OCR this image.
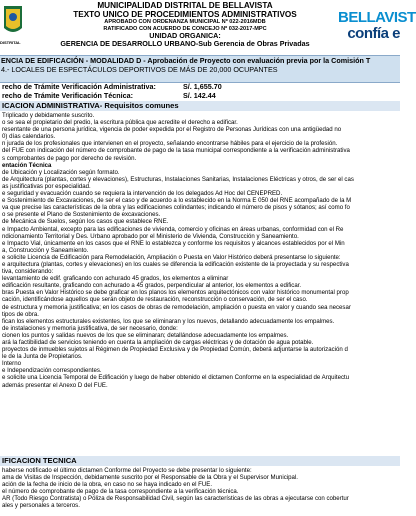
DISTRITAL
MUNICIPALIDAD DISTRITAL DE BELLAVISTA
TEXTO UNICO DE PROCEDIMIENTOS ADMINISTRATIVOS
APROBADO CON ORDENANZA MUNICIPAL Nº 022-2016MDB
RATIFICADO CON ACUERDO DE CONCEJO Nº 032-2017-MPC
UNIDAD ORGANICA:
GERENCIA DE DESARROLLO URBANO-Sub Gerencia de Obras Privadas
BELLAVIST
confía e
ENCIA DE EDIFICACIÓN - MODALIDAD D - Aprobación de Proyecto con evaluación previa por la Comisión T
4.- LOCALES DE ESPECTÁCULOS DEPORTIVOS DE MÁS DE 20,000 OCUPANTES
recho de Trámite Verificación Administrativa:	S/. 1,655.70
recho de Trámite Verificación Técnica:	S/. 142.44
ICACION ADMINISTRATIVA- Requisitos comunes
Triplicado y debidamente suscrito.
o se sea el propietario del predio, la escritura pública que acredite el derecho a edificar.
resentante de una persona jurídica, vigencia de poder expedida por el Registro de Personas Jurídicas con una antigüedad no
0) días calendarios.
n jurada de los profesionales que intervienen en el proyecto, señalando encontrarse hábiles para el ejercicio de la profesión.
del FUE con indicación del número de comprobante de pago de la tasa municipal correspondiente a la verificación administrativa
s comprobantes de pago por derecho de revisión.
entación Técnica
de Ubicación y Localización según formato.
de Arquitectura (plantas, cortes y elevaciones), Estructuras, Instalaciones Sanitarias, Instalaciones Eléctricas y otros, de ser el cas
as justificativas por especialidad.
e seguridad y evacuación cuando se requiera la intervención de los delegados Ad Hoc del CENEPRED.
e Sostenimiento de Excavaciones, de ser el caso y de acuerdo a lo establecido en la Norma E 050 del RNE acompañado de la M
va que precise las características de la obra y las edificaciones colindantes; indicando el número de pisos y sótanos; así como fo
o se presente el Plano de Sostenimiento de excavaciones.
de Mecánica de Suelos, según los casos que establece RNE.
e Impacto Ambiental, excepto para las edificaciones de vivienda, comercio y oficinas en áreas urbanas, conformidad con el Re
ndicionamiento Territorial y Des. Urbano aprobado por el Ministerio de Vivienda, Construcción y Saneamiento.
e Impacto Vial, únicamente en los casos que el RNE lo establezca y conforme los requisitos y alcances establecidos por el Min
a, Construcción y Saneamiento.
e solicite Licencia de Edificación para Remodelación, Ampliación o Puesta en Valor Histórico deberá presentarse lo siguiente:
e arquitectura (plantas, cortes y elevaciones) en los cuales se diferencia la edificación existente de la proyectada y su respectiva
tiva, considerando:
levantamiento de edif. graficando con achurado 45 grados, los elementos a eliminar
edificación resultante, graficando con achurado a 45 grados, perpendicular al anterior, los elementos a edificar.
bras Puesta en Valor Histórico se debe graficar en los planos los elementos arquitectónicos con valor histórico monumental prop
cación, identificándose aquellos que serán objeto de restauración, reconstrucción o conservación, de ser el caso.
de estructura y memoria justificativa; en los casos de obras de remodelación, ampliación o puesta en valor y cuando sea necesar
tipos de obra.
fican los elementos estructurales existentes, los que se eliminaran y los nuevos, detallando adecuadamente los empalmes.
de instalaciones y memoria justificativa, de ser necesario, donde:
cionen los puntos y salidas nuevos de los que se eliminaran; detallándose adecuadamente los empalmes.
ará la factibilidad de servicios teniendo en cuenta la ampliación de cargas eléctricas y de dotación de agua potable.
proyectos de inmuebles sujetos al Régimen de Propiedad Exclusiva y de Propiedad Común, deberá adjuntarse la autorización d
le de la Junta de Propietarios.
Interno
e Independización correspondientes.
e solicite una Licencia Temporal de Edificación y luego de haber obtenido el dictamen Conforme en la especialidad de Arquitectu
además presentar el Anexo D del FUE.
IFICACION TECNICA
haberse notificado el último dictamen Conforme del Proyecto se debe presentar lo siguiente:
ama de Visitas de Inspección, debidamente suscrito por el Responsable de la Obra y el Supervisor Municipal.
ación de la fecha de inicio de la obra, en caso no se haya indicado en el FUE.
el número de comprobante de pago de la tasa correspondiente a la verificación técnica.
AR (Todo Riesgo Contratista) o Póliza de Responsabilidad Civil, según las características de las obras a ejecutarse con cobertur
ales y personales a terceros.
